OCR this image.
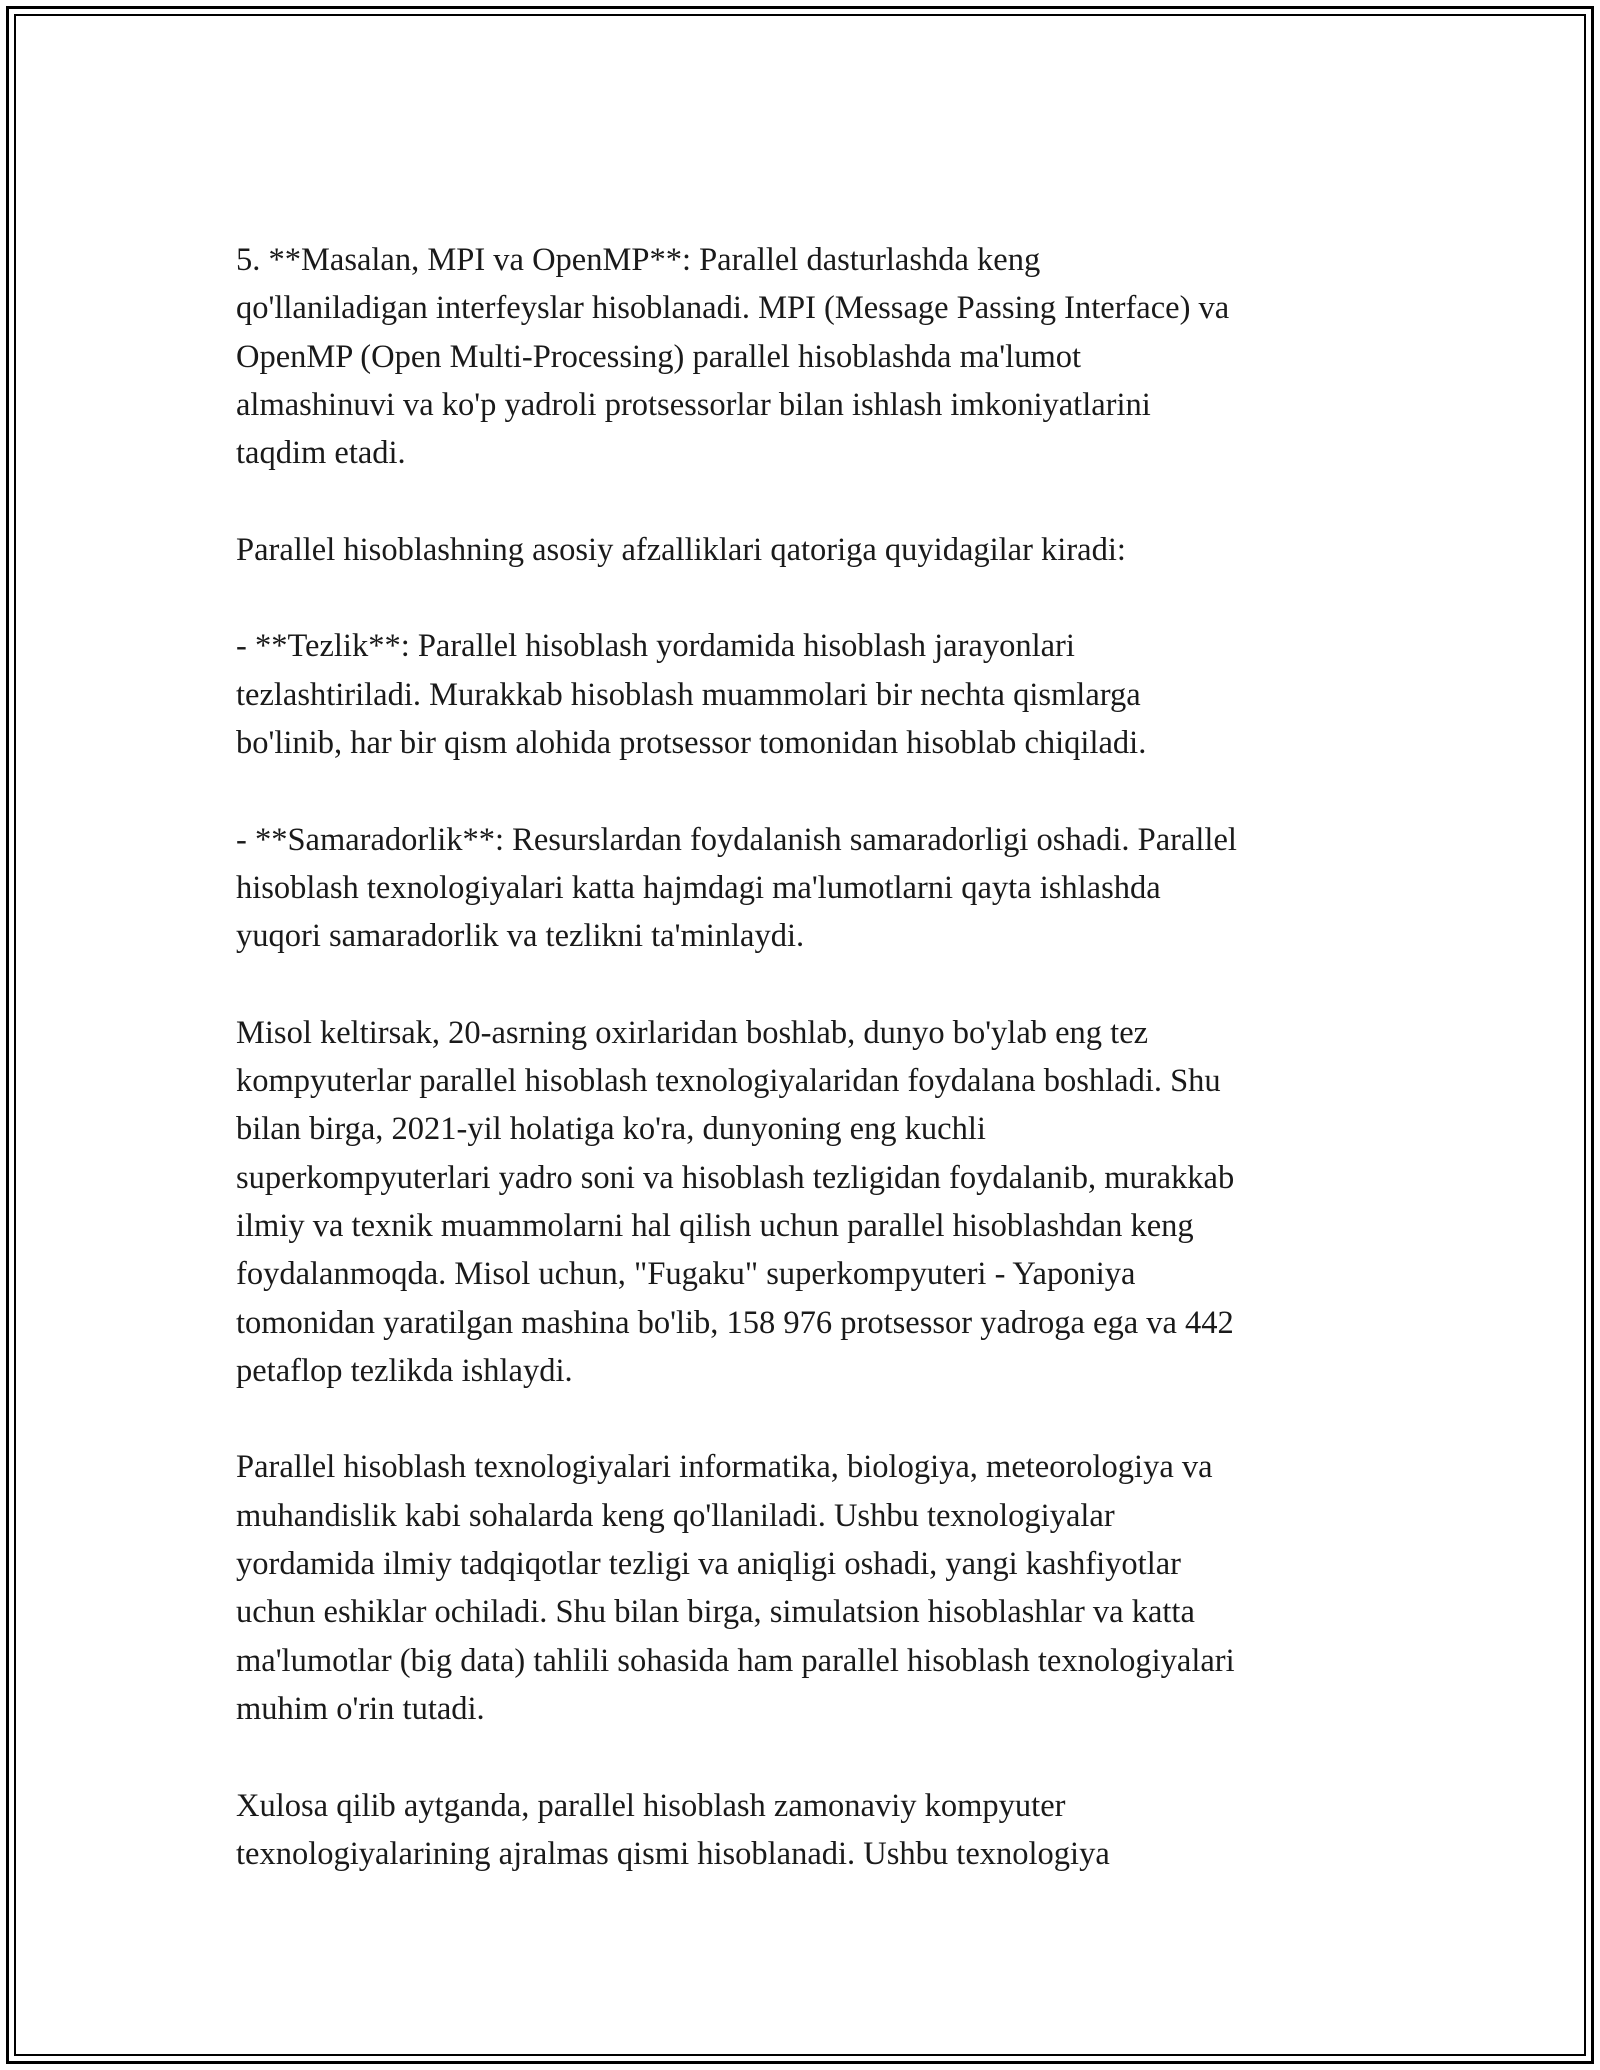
5. **Masalan, MPI va OpenMP**: Parallel dasturlashda keng
qo'llaniladigan interfeyslar hisoblanadi. MPI (Message Passing Interface) va
OpenMP (Open Multi-Processing) parallel hisoblashda ma'lumot
almashinuvi va ko'p yadroli protsessorlar bilan ishlash imkoniyatlarini
taqdim etadi.

Parallel hisoblashning asosiy afzalliklari qatoriga quyidagilar kiradi:

- **Tezlik**: Parallel hisoblash yordamida hisoblash jarayonlari
tezlashtiriladi. Murakkab hisoblash muammolari bir nechta qismlarga
bo'linib, har bir qism alohida protsessor tomonidan hisoblab chiqiladi.

- **Samaradorlik**: Resurslardan foydalanish samaradorligi oshadi. Parallel
hisoblash texnologiyalari katta hajmdagi ma'lumotlarni qayta ishlashda
yuqori samaradorlik va tezlikni ta'minlaydi.

Misol keltirsak, 20-asrning oxirlaridan boshlab, dunyo bo'ylab eng tez
kompyuterlar parallel hisoblash texnologiyalaridan foydalana boshladi. Shu
bilan birga, 2021-yil holatiga ko'ra, dunyoning eng kuchli
superkompyuterlari yadro soni va hisoblash tezligidan foydalanib, murakkab
ilmiy va texnik muammolarni hal qilish uchun parallel hisoblashdan keng
foydalanmoqda. Misol uchun, "Fugaku" superkompyuteri - Yaponiya
tomonidan yaratilgan mashina bo'lib, 158 976 protsessor yadroga ega va 442
petaflop tezlikda ishlaydi.

Parallel hisoblash texnologiyalari informatika, biologiya, meteorologiya va
muhandislik kabi sohalarda keng qo'llaniladi. Ushbu texnologiyalar
yordamida ilmiy tadqiqotlar tezligi va aniqligi oshadi, yangi kashfiyotlar
uchun eshiklar ochiladi. Shu bilan birga, simulatsion hisoblashlar va katta
ma'lumotlar (big data) tahlili sohasida ham parallel hisoblash texnologiyalari
muhim o'rin tutadi.

Xulosa qilib aytganda, parallel hisoblash zamonaviy kompyuter
texnologiyalarining ajralmas qismi hisoblanadi. Ushbu texnologiya
